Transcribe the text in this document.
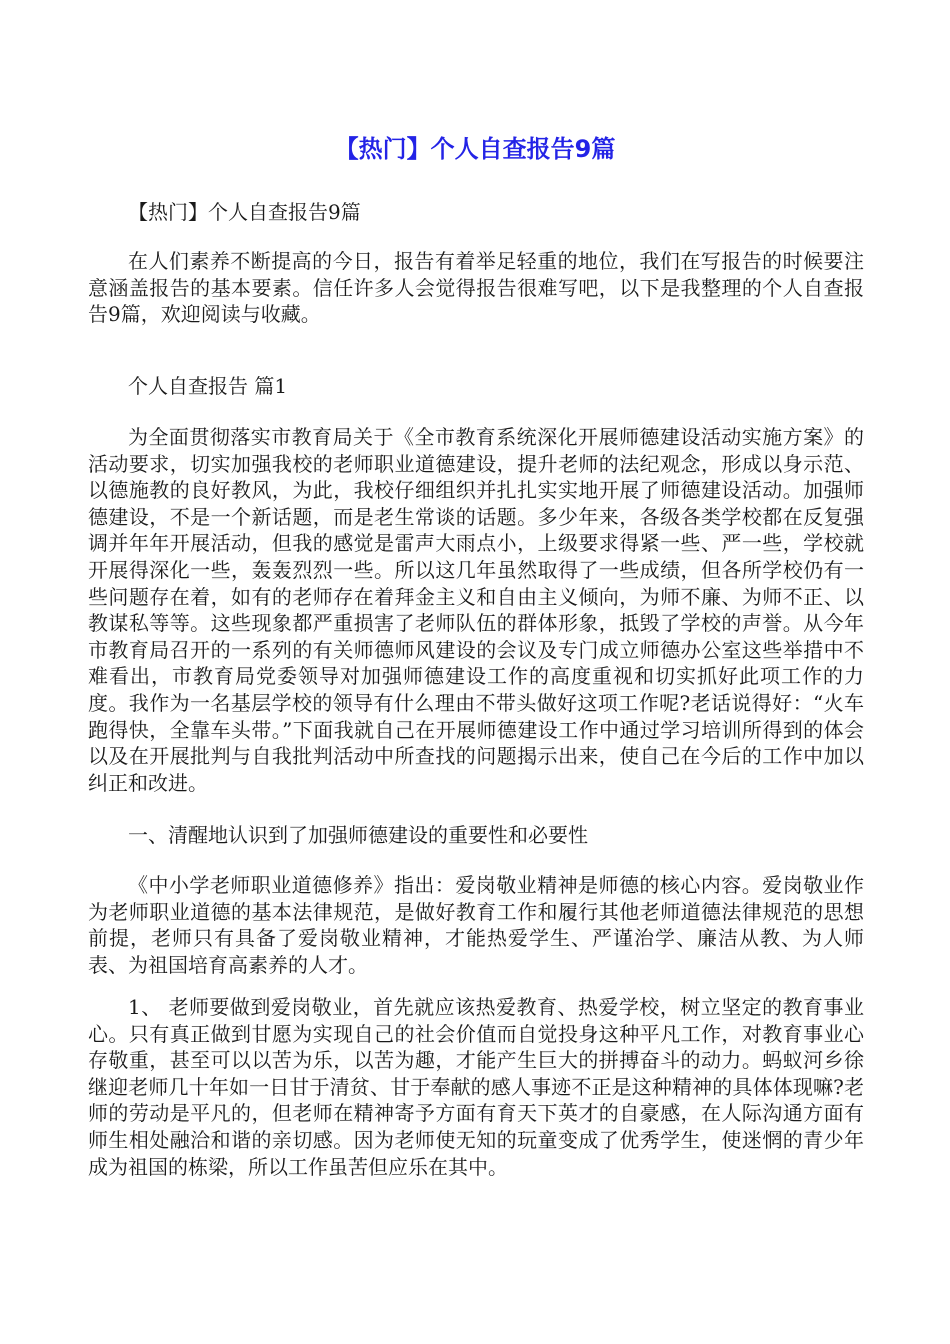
【热门】个人自查报告9篇

【热门】个人自查报告9篇

在人们素养不断提高的今日，报告有着举足轻重的地位，我们在写报告的时候要注意涵盖报告的基本要素。信任许多人会觉得报告很难写吧，以下是我整理的个人自查报告9篇，欢迎阅读与收藏。

个人自查报告 篇1

为全面贯彻落实市教育局关于《全市教育系统深化开展师德建设活动实施方案》的活动要求，切实加强我校的老师职业道德建设，提升老师的法纪观念，形成以身示范、以德施教的良好教风，为此，我校仔细组织并扎扎实实地开展了师德建设活动。加强师德建设，不是一个新话题，而是老生常谈的话题。多少年来，各级各类学校都在反复强调并年年开展活动，但我的感觉是雷声大雨点小，上级要求得紧一些、严一些，学校就开展得深化一些，轰轰烈烈一些。所以这几年虽然取得了一些成绩，但各所学校仍有一些问题存在着，如有的老师存在着拜金主义和自由主义倾向，为师不廉、为师不正、以教谋私等等。这些现象都严重损害了老师队伍的群体形象，抵毁了学校的声誉。从今年市教育局召开的一系列的有关师德师风建设的会议及专门成立师德办公室这些举措中不难看出，市教育局党委领导对加强师德建设工作的高度重视和切实抓好此项工作的力度。我作为一名基层学校的领导有什么理由不带头做好这项工作呢?老话说得好：“火车跑得快，全靠车头带。”下面我就自己在开展师德建设工作中通过学习培训所得到的体会以及在开展批判与自我批判活动中所查找的问题揭示出来，使自己在今后的工作中加以纠正和改进。

一、清醒地认识到了加强师德建设的重要性和必要性

《中小学老师职业道德修养》指出：爱岗敬业精神是师德的核心内容。爱岗敬业作为老师职业道德的基本法律规范，是做好教育工作和履行其他老师道德法律规范的思想前提，老师只有具备了爱岗敬业精神，才能热爱学生、严谨治学、廉洁从教、为人师表、为祖国培育高素养的人才。

1、 老师要做到爱岗敬业，首先就应该热爱教育、热爱学校，树立坚定的教育事业心。只有真正做到甘愿为实现自己的社会价值而自觉投身这种平凡工作，对教育事业心存敬重，甚至可以以苦为乐，以苦为趣，才能产生巨大的拼搏奋斗的动力。蚂蚁河乡徐继迎老师几十年如一日甘于清贫、甘于奉献的感人事迹不正是这种精神的具体体现嘛?老师的劳动是平凡的，但老师在精神寄予方面有育天下英才的自豪感，在人际沟通方面有师生相处融洽和谐的亲切感。因为老师使无知的玩童变成了优秀学生，使迷惘的青少年成为祖国的栋梁，所以工作虽苦但应乐在其中。
